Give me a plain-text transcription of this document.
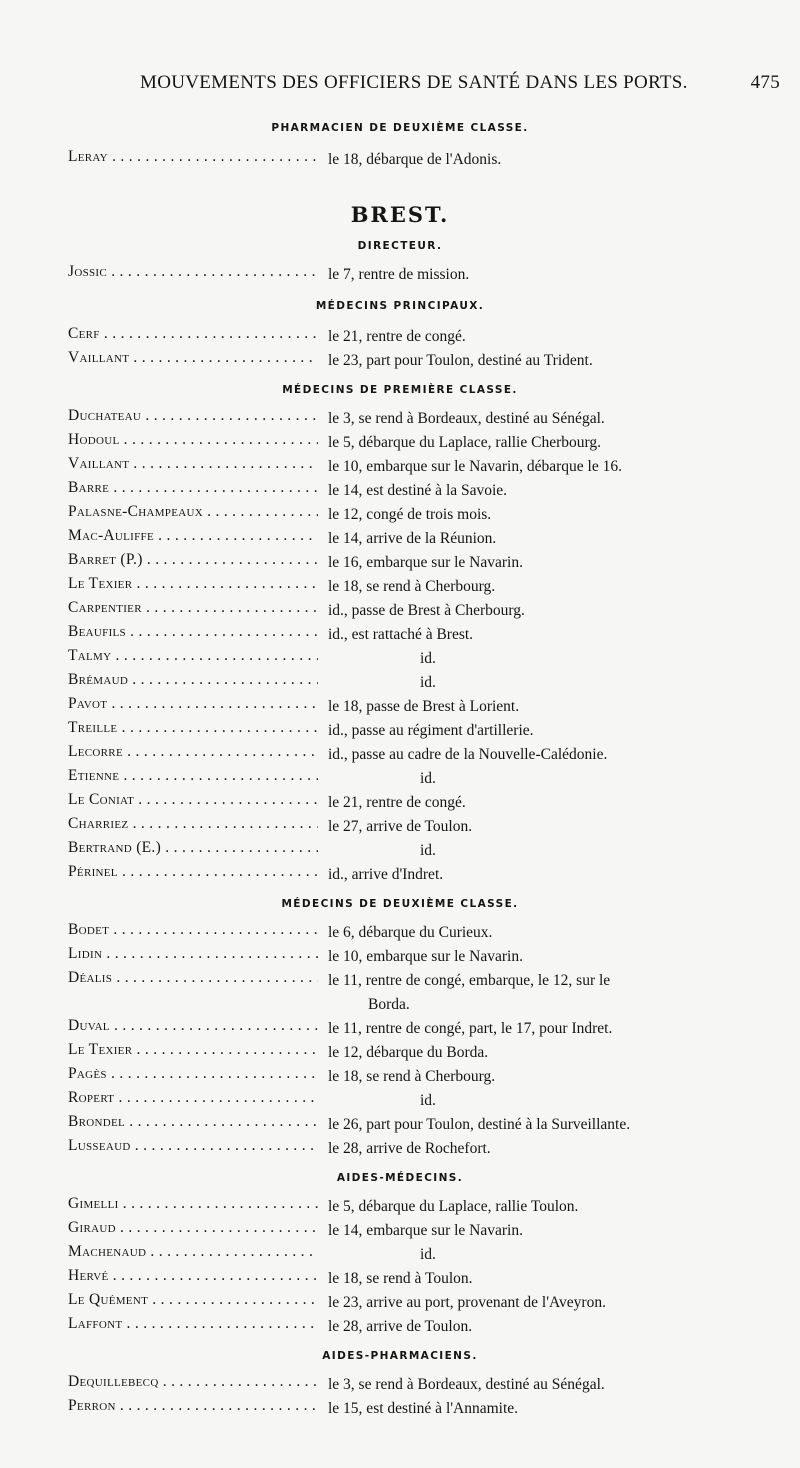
MOUVEMENTS DES OFFICIERS DE SANTÉ DANS LES PORTS.	475
PHARMACIEN DE DEUXIÈME CLASSE.
Leray . . .	le 18, débarque de l'Adonis.
BREST.
DIRECTEUR.
Jossic . . .	le 7, rentre de mission.
MÉDECINS PRINCIPAUX.
Cerf . . .	le 21, rentre de congé.
Vaillant . . .	le 23, part pour Toulon, destiné au Trident.
MÉDECINS DE PREMIÈRE CLASSE.
Duchateau . . .	le 3, se rend à Bordeaux, destiné au Sénégal.
Hodoul . . .	le 5, débarque du Laplace, rallie Cherbourg.
Vaillant . . .	le 10, embarque sur le Navarin, débarque le 16.
Barre . . .	le 14, est destiné à la Savoie.
Palasne-Champeaux . . .	le 12, congé de trois mois.
Mac-Auliffe . . .	le 14, arrive de la Réunion.
Barret (P.) . . .	le 16, embarque sur le Navarin.
Le Texier . . .	le 18, se rend à Cherbourg.
Carpentier . . .	id., passe de Brest à Cherbourg.
Beaufils . . .	id., est rattaché à Brest.
Talmy . . .	id.
Brémaud . . .	id.
Pavot . . .	le 18, passe de Brest à Lorient.
Treille . . .	id., passe au régiment d'artillerie.
Lecorre . . .	id., passe au cadre de la Nouvelle-Calédonie.
Etienne . . .	id.
Le Coniat . . .	le 21, rentre de congé.
Charriez . . .	le 27, arrive de Toulon.
Bertrand (E.) . . .	id.
Périnel . . .	id., arrive d'Indret.
MÉDECINS DE DEUXIÈME CLASSE.
Bodet . . .	le 6, débarque du Curieux.
Lidin . . .	le 10, embarque sur le Navarin.
Déalis . . .	le 11, rentre de congé, embarque, le 12, sur le
Borda.
Duval . . .	le 11, rentre de congé, part, le 17, pour Indret.
Le Texier . . .	le 12, débarque du Borda.
Pagès . . .	le 18, se rend à Cherbourg.
Ropert . . .	id.
Brondel . . .	le 26, part pour Toulon, destiné à la Surveillante.
Lusseaud . . .	le 28, arrive de Rochefort.
AIDES-MÉDECINS.
Gimelli . . .	le 5, débarque du Laplace, rallie Toulon.
Giraud . . .	le 14, embarque sur le Navarin.
Machenaud . . .	id.
Hervé . . .	le 18, se rend à Toulon.
Le Quément . . .	le 23, arrive au port, provenant de l'Aveyron.
Laffont . . .	le 28, arrive de Toulon.
AIDES-PHARMACIENS.
Dequillebecq . . .	le 3, se rend à Bordeaux, destiné au Sénégal.
Perron . . .	le 15, est destiné à l'Annamite.
